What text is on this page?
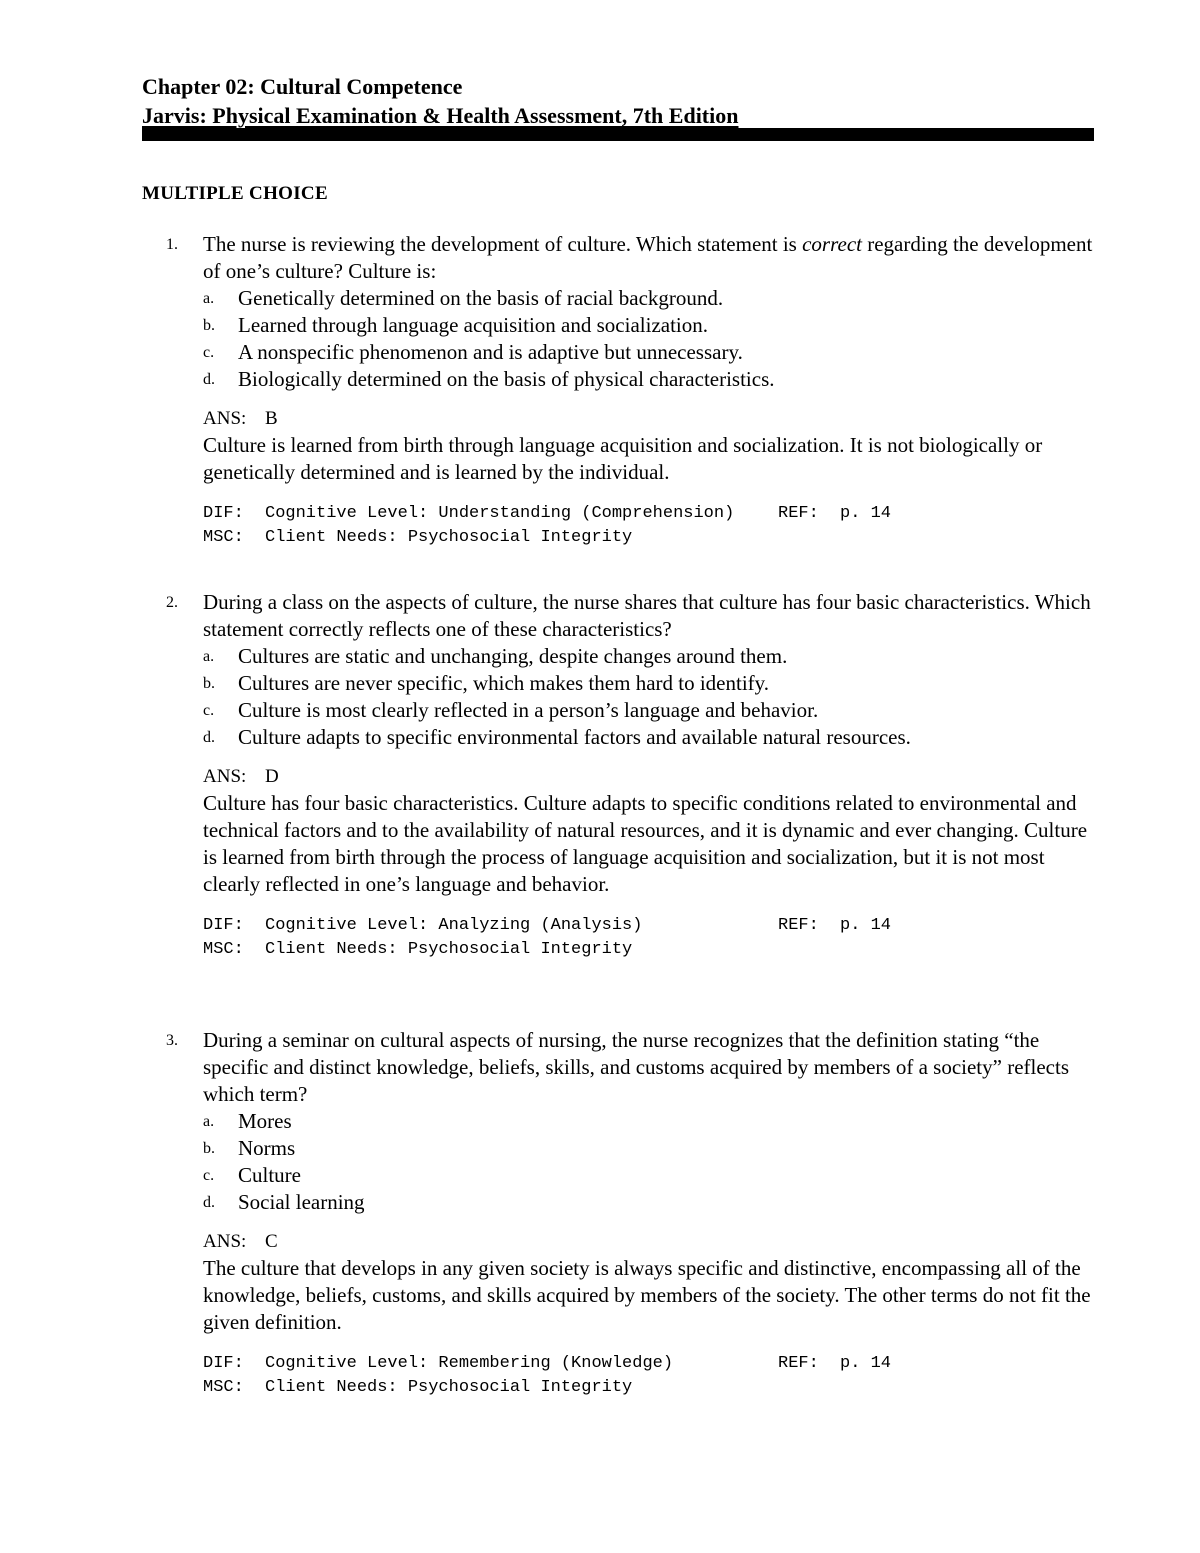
Chapter 02: Cultural Competence

Jarvis: Physical Examination & Health Assessment, 7th Edition

MULTIPLE CHOICE
1. The nurse is reviewing the development of culture. Which statement is correct regarding the development of one’s culture? Culture is:

a. Genetically determined on the basis of racial background.
b. Learned through language acquisition and socialization.
c. A nonspecific phenomenon and is adaptive but unnecessary.
d. Biologically determined on the basis of physical characteristics.
ANS: B

Culture is learned from birth through language acquisition and socialization. It is not biologically or genetically determined and is learned by the individual.

DIF: Cognitive Level: Understanding (Comprehension)	REF: p. 14
MSC: Client Needs: Psychosocial Integrity
2. During a class on the aspects of culture, the nurse shares that culture has four basic characteristics. Which statement correctly reflects one of these characteristics?

a. Cultures are static and unchanging, despite changes around them.
b. Cultures are never specific, which makes them hard to identify.
c. Culture is most clearly reflected in a person’s language and behavior.
d. Culture adapts to specific environmental factors and available natural resources.
ANS: D

Culture has four basic characteristics. Culture adapts to specific conditions related to environmental and technical factors and to the availability of natural resources, and it is dynamic and ever changing. Culture is learned from birth through the process of language acquisition and socialization, but it is not most clearly reflected in one’s language and behavior.

DIF: Cognitive Level: Analyzing (Analysis)	REF: p. 14
MSC: Client Needs: Psychosocial Integrity
3. During a seminar on cultural aspects of nursing, the nurse recognizes that the definition stating “the specific and distinct knowledge, beliefs, skills, and customs acquired by members of a society” reflects which term?

a. Mores
b. Norms
c. Culture
d. Social learning
ANS: C

The culture that develops in any given society is always specific and distinctive, encompassing all of the knowledge, beliefs, customs, and skills acquired by members of the society. The other terms do not fit the given definition.

DIF: Cognitive Level: Remembering (Knowledge)	REF: p. 14
MSC: Client Needs: Psychosocial Integrity
